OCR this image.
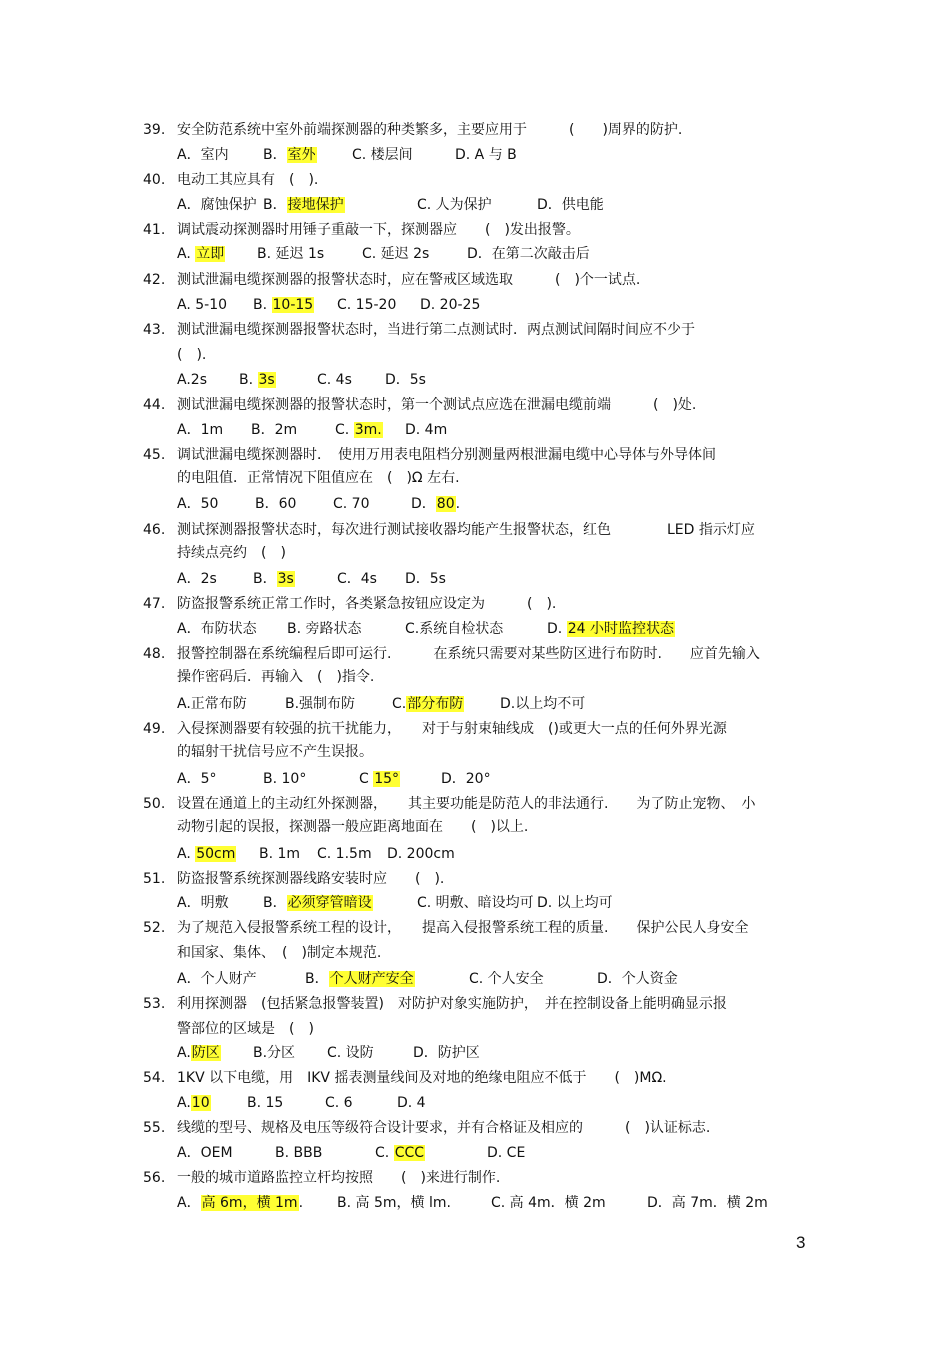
39. 安全防范系统中室外前端探测器的种类繁多，主要应用于　　　(　　)周界的防护.
A．室内 B．室外	C. 楼层间	D. A 与 B
40. 电动工其应具有　(　).
A．腐蚀保护 B．接地保护	C. 人为保护	D．供电能
41. 调试震动探测器时用锤子重敲一下，探测器应　　(　)发出报警。
A. 立即 B. 延迟 1s	C. 延迟 2s	D．在第二次敲击后
42. 测试泄漏电缆探测器的报警状态时，应在警戒区域选取　　　(　)个一试点.
A. 5-10 B. 10-15 C. 15-20 D. 20-25
43. 测试泄漏电缆探测器报警状态时，当进行第二点测试时．两点测试间隔时间应不少于
(　).
A.2s B. 3s	C. 4s D．5s
44. 测试泄漏电缆探测器的报警状态时，第一个测试点应选在泄漏电缆前端　　　(　)处.
A．1m B．2m	C. 3m. D. 4m
45. 调试泄漏电缆探测器时．　使用万用表电阻档分别测量两根泄漏电缆中心导体与外导体间
的电阻值．正常情况下阻值应在　(　)Ω 左右.
A．50	B．60	C. 70	D．80.
46. 测试探测器报警状态时，每次进行测试接收器均能产生报警状态，红色　　　　LED 指示灯应
持续点亮约　(　)
A．2s	B．3s	C．4s D．5s
47. 防盗报警系统正常工作时，各类紧急按钮应设定为　　　(　).
A．布防状态 B. 旁路状态	C.系统自检状态	D. 24 小时监控状态
48. 报警控制器在系统编程后即可运行.　　　在系统只需要对某些防区进行布防时.　　应首先输入
操作密码后．再输入　(　)指令.
A.正常布防	B.强制布防	C.部分布防	D.以上均不可
49. 入侵探测器要有较强的抗干扰能力，　　对于与射束轴线成　()或更大一点的任何外界光源
的辐射干扰信号应不产生误报。
A．5°	B. 10°	C 15°	D．20°
50. 设置在通道上的主动红外探测器，　　其主要功能是防范人的非法通行.　　为了防止宠物、　小
动物引起的误报，探测器一般应距离地面在　　(　)以上.
A. 50cm B. 1m C. 1.5m D. 200cm
51. 防盗报警系统探测器线路安装时应　　(　).
A．明敷 B．必须穿管暗设	C. 明敷、暗设均可 D. 以上均可
52. 为了规范入侵报警系统工程的设计，　　提高入侵报警系统工程的质量.　　保护公民人身安全
和国家、集体、　(　)制定本规范.
A．个人财产	B．个人财产安全	C. 个人安全	D．个人资金
53. 利用探测器　(包括紧急报警装置)　对防护对象实施防护，　并在控制设备上能明确显示报
警部位的区域是　(　)
A.防区 B.分区 C. 设防	D．防护区
54. 1KV 以下电缆，用　IKV 摇表测量线间及对地的绝缘电阻应不低于　　(　)MΩ.
A.10	B. 15	C. 6	D. 4
55. 线缆的型号、规格及电压等级符合设计要求，并有合格证及相应的　　　(　)认证标志.
A．OEM	B. BBB	C. CCC	D. CE
56. 一般的城市道路监控立杆均按照　　(　)来进行制作.
A．高 6m，横 1m. B. 高 5m，横 lm.	C. 高 4m．横 2m	D．高 7m．横 2m
3
